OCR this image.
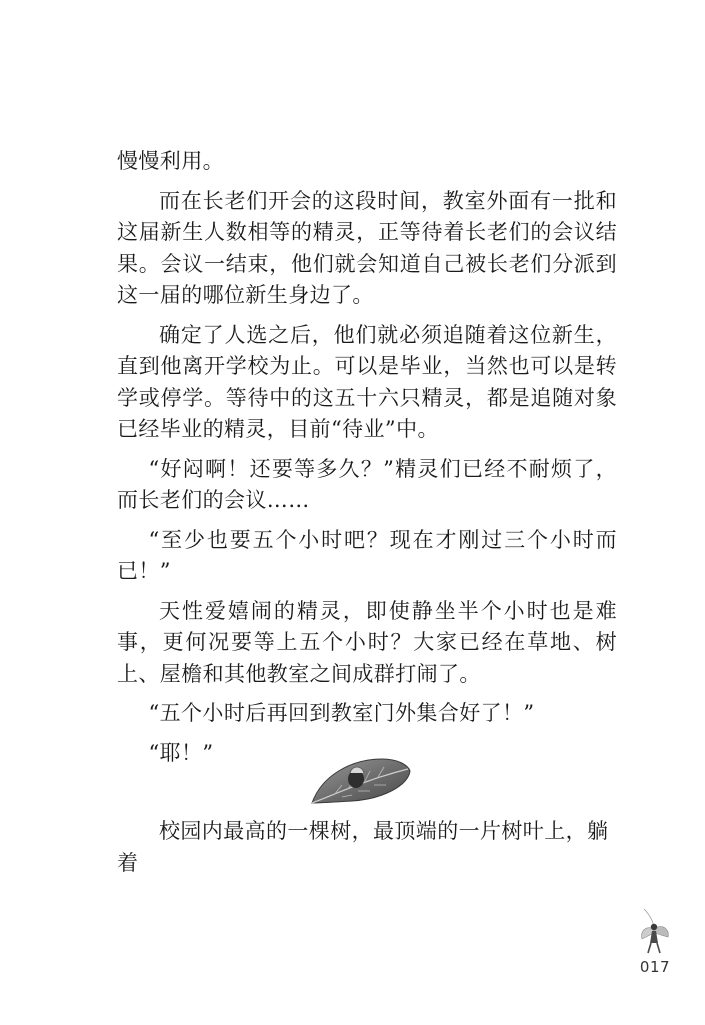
慢慢利用。

而在长老们开会的这段时间，教室外面有一批和这届新生人数相等的精灵，正等待着长老们的会议结果。会议一结束，他们就会知道自己被长老们分派到这一届的哪位新生身边了。

确定了人选之后，他们就必须追随着这位新生，直到他离开学校为止。可以是毕业，当然也可以是转学或停学。等待中的这五十六只精灵，都是追随对象已经毕业的精灵，目前“待业”中。

“好闷啊！还要等多久？”精灵们已经不耐烦了，而长老们的会议……

“至少也要五个小时吧？现在才刚过三个小时而已！”

天性爱嬉闹的精灵，即使静坐半个小时也是难事，更何况要等上五个小时？大家已经在草地、树上、屋檐和其他教室之间成群打闹了。

“五个小时后再回到教室门外集合好了！”

“耶！”

校园内最高的一棵树，最顶端的一片树叶上，躺着

017
